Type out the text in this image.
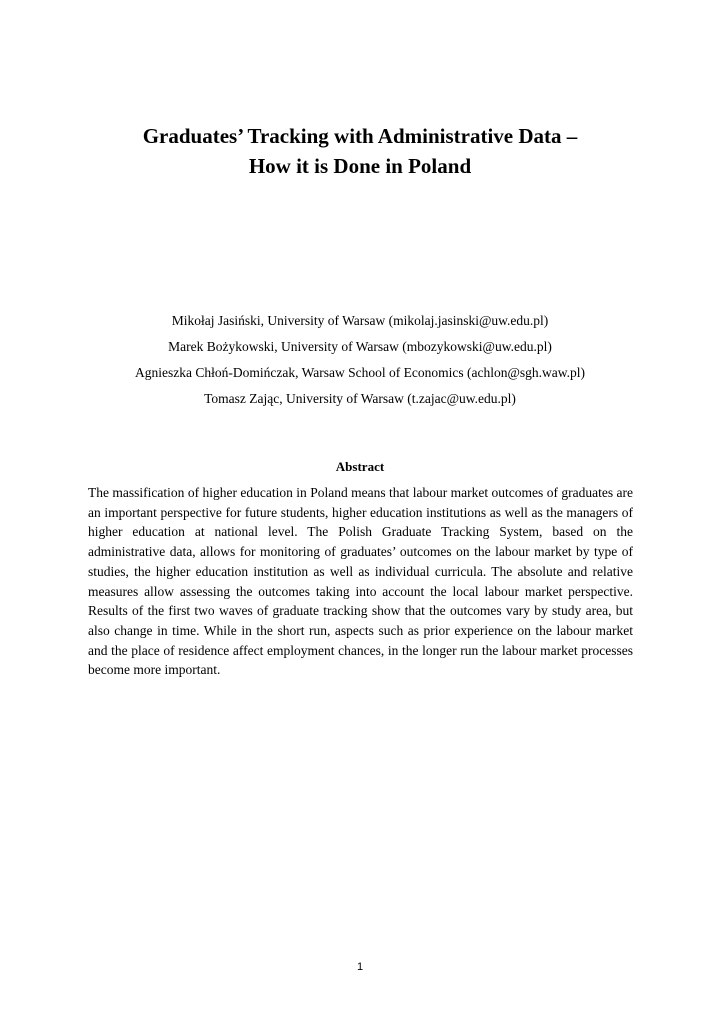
Graduates’ Tracking with Administrative Data –
How it is Done in Poland
Mikołaj Jasiński, University of Warsaw (mikolaj.jasinski@uw.edu.pl)
Marek Bożykowski, University of Warsaw (mbozykowski@uw.edu.pl)
Agnieszka Chłoń-Domińczak, Warsaw School of Economics (achlon@sgh.waw.pl)
Tomasz Zając, University of Warsaw (t.zajac@uw.edu.pl)
Abstract

The massification of higher education in Poland means that labour market outcomes of graduates are an important perspective for future students, higher education institutions as well as the managers of higher education at national level. The Polish Graduate Tracking System, based on the administrative data, allows for monitoring of graduates’ outcomes on the labour market by type of studies, the higher education institution as well as individual curricula. The absolute and relative measures allow assessing the outcomes taking into account the local labour market perspective. Results of the first two waves of graduate tracking show that the outcomes vary by study area, but also change in time. While in the short run, aspects such as prior experience on the labour market and the place of residence affect employment chances, in the longer run the labour market processes become more important.

1
